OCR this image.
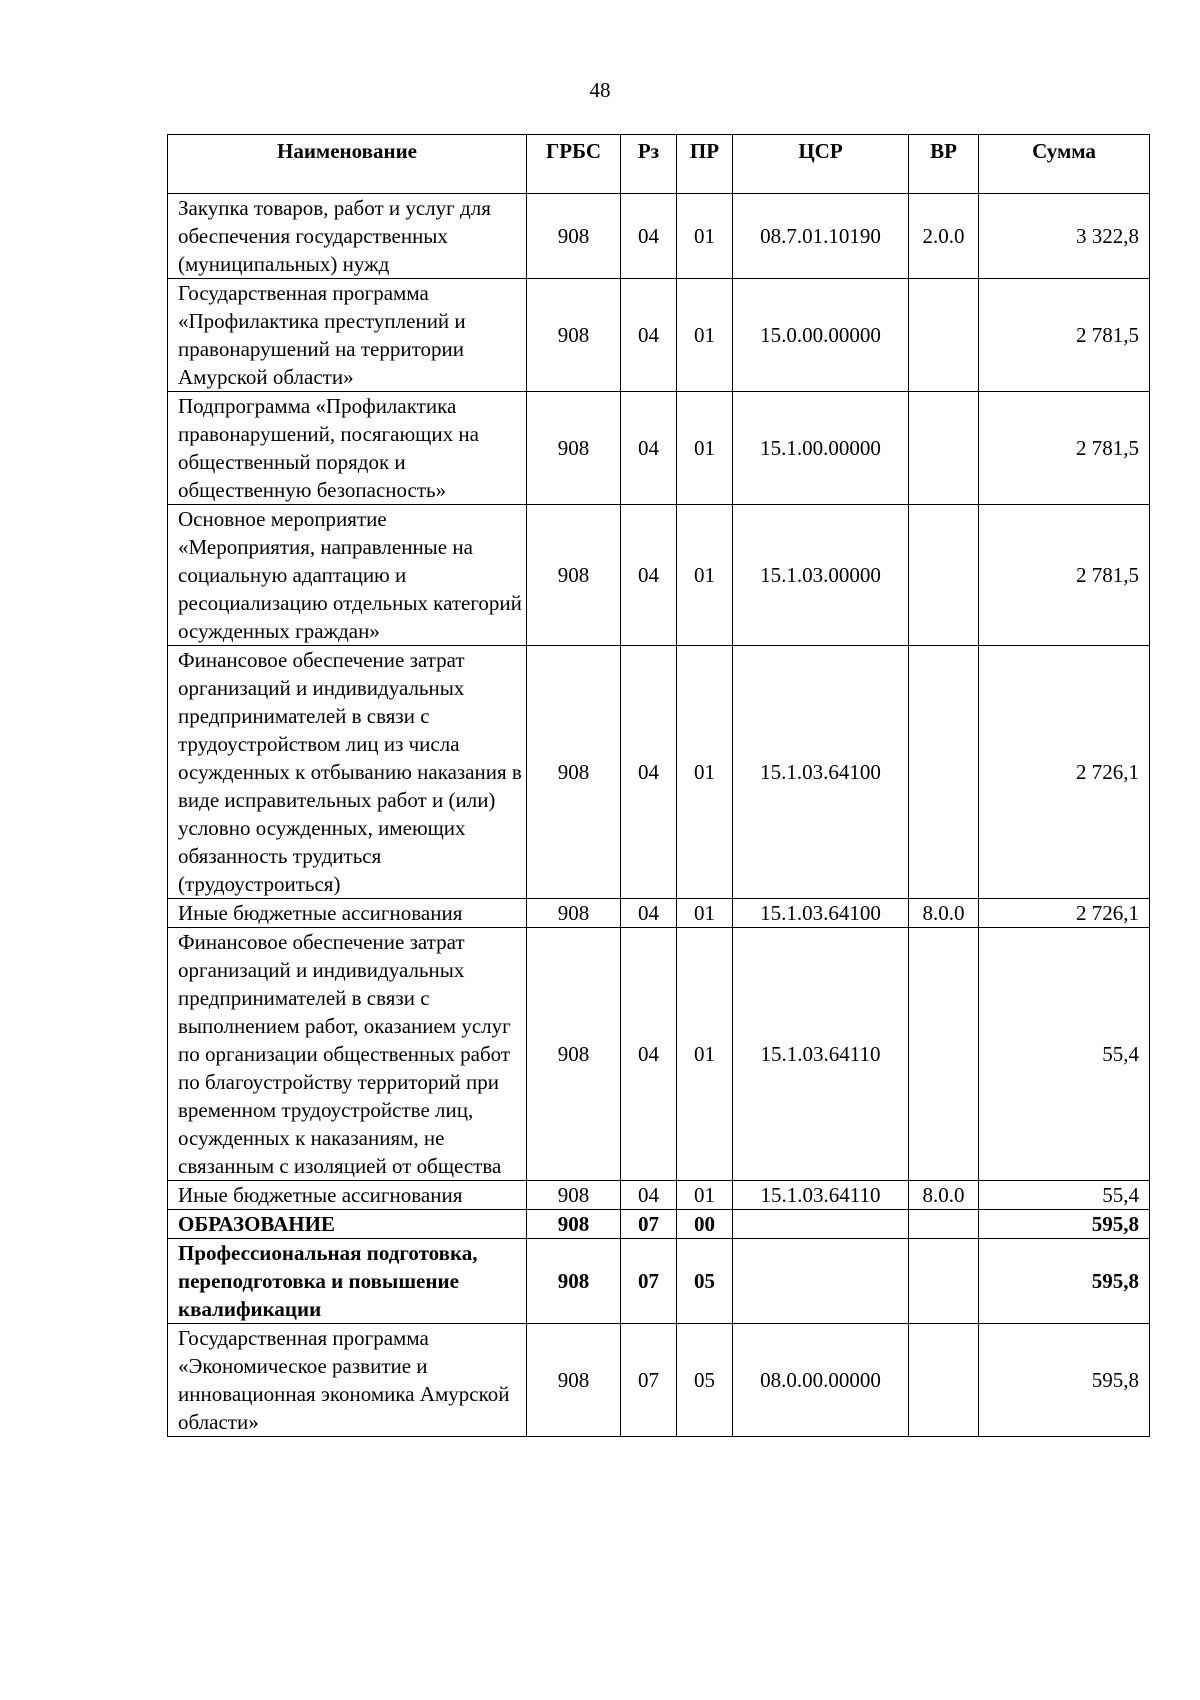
48
Наименование	ГРБС	Рз	ПР	ЦСР	ВР	Сумма
Закупка товаров, работ и услуг для обеспечения государственных (муниципальных) нужд	908	04	01	08.7.01.10190	2.0.0	3 322,8
Государственная программа «Профилактика преступлений и правонарушений на территории Амурской области»	908	04	01	15.0.00.00000		2 781,5
Подпрограмма «Профилактика правонарушений, посягающих на общественный порядок и общественную безопасность»	908	04	01	15.1.00.00000		2 781,5
Основное мероприятие «Мероприятия, направленные на социальную адаптацию и ресоциализацию отдельных категорий осужденных граждан»	908	04	01	15.1.03.00000		2 781,5
Финансовое обеспечение затрат организаций и индивидуальных предпринимателей в связи с трудоустройством лиц из числа осужденных к отбыванию наказания в виде исправительных работ и (или) условно осужденных, имеющих обязанность трудиться (трудоустроиться)	908	04	01	15.1.03.64100		2 726,1
Иные бюджетные ассигнования	908	04	01	15.1.03.64100	8.0.0	2 726,1
Финансовое обеспечение затрат организаций и индивидуальных предпринимателей в связи с выполнением работ, оказанием услуг по организации общественных работ по благоустройству территорий при временном трудоустройстве лиц, осужденных к наказаниям, не связанным с изоляцией от общества	908	04	01	15.1.03.64110		55,4
Иные бюджетные ассигнования	908	04	01	15.1.03.64110	8.0.0	55,4
ОБРАЗОВАНИЕ	908	07	00			595,8
Профессиональная подготовка, переподготовка и повышение квалификации	908	07	05			595,8
Государственная программа «Экономическое развитие и инновационная экономика Амурской области»	908	07	05	08.0.00.00000		595,8
